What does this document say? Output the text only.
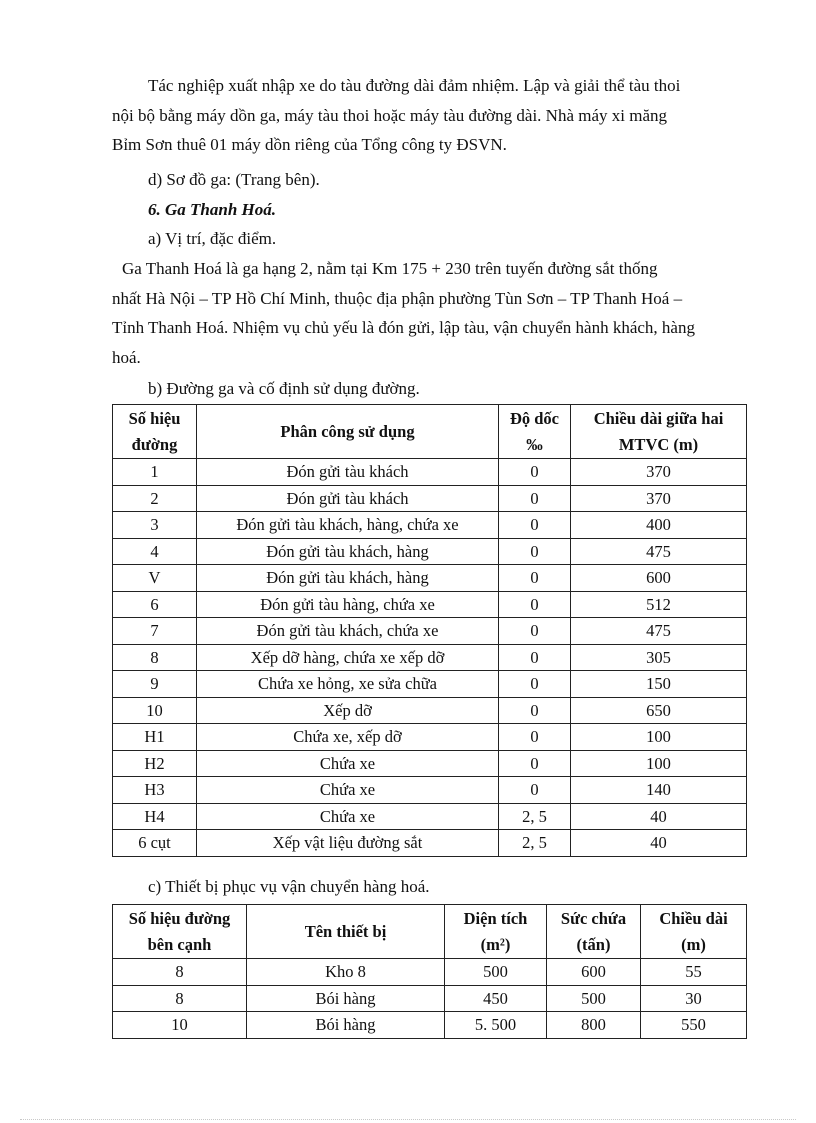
Tác nghiệp xuất nhập xe do tàu đường dài đảm nhiệm. Lập và giải thể tàu thoi
nội bộ bằng máy dồn ga, máy tàu thoi hoặc máy tàu đường dài. Nhà máy xi măng
Bỉm Sơn thuê 01 máy dồn riêng của Tổng công ty ĐSVN.
d) Sơ đồ ga: (Trang bên).
6. Ga Thanh Hoá.
a) Vị trí, đặc điểm.
Ga Thanh Hoá là ga hạng 2, nằm tại Km 175 + 230 trên tuyến đường sắt thống
nhất Hà Nội – TP Hồ Chí Minh, thuộc địa phận phường Tùn Sơn – TP Thanh Hoá –
Tỉnh Thanh Hoá. Nhiệm vụ chủ yếu là đón gửi, lập tàu, vận chuyển hành khách, hàng
hoá.
b) Đường ga và cố định sử dụng đường.
Số hiệu đường	Phân công sử dụng	Độ dốc ‰	Chiều dài giữa hai MTVC (m)
1	Đón gửi tàu khách	0	370
2	Đón gửi tàu khách	0	370
3	Đón gửi tàu khách, hàng, chứa xe	0	400
4	Đón gửi tàu khách, hàng	0	475
V	Đón gửi tàu khách, hàng	0	600
6	Đón gửi tàu hàng, chứa xe	0	512
7	Đón gửi tàu khách, chứa xe	0	475
8	Xếp dỡ hàng, chứa xe xếp dỡ	0	305
9	Chứa xe hỏng, xe sửa chữa	0	150
10	Xếp dỡ	0	650
H1	Chứa xe, xếp dỡ	0	100
H2	Chứa xe	0	100
H3	Chứa xe	0	140
H4	Chứa xe	2, 5	40
6 cụt	Xếp vật liệu đường sắt	2, 5	40
c) Thiết bị phục vụ vận chuyển hàng hoá.
Số hiệu đường bên cạnh	Tên thiết bị	Diện tích (m²)	Sức chứa (tấn)	Chiều dài (m)
8	Kho 8	500	600	55
8	Bói hàng	450	500	30
10	Bói hàng	5. 500	800	550
